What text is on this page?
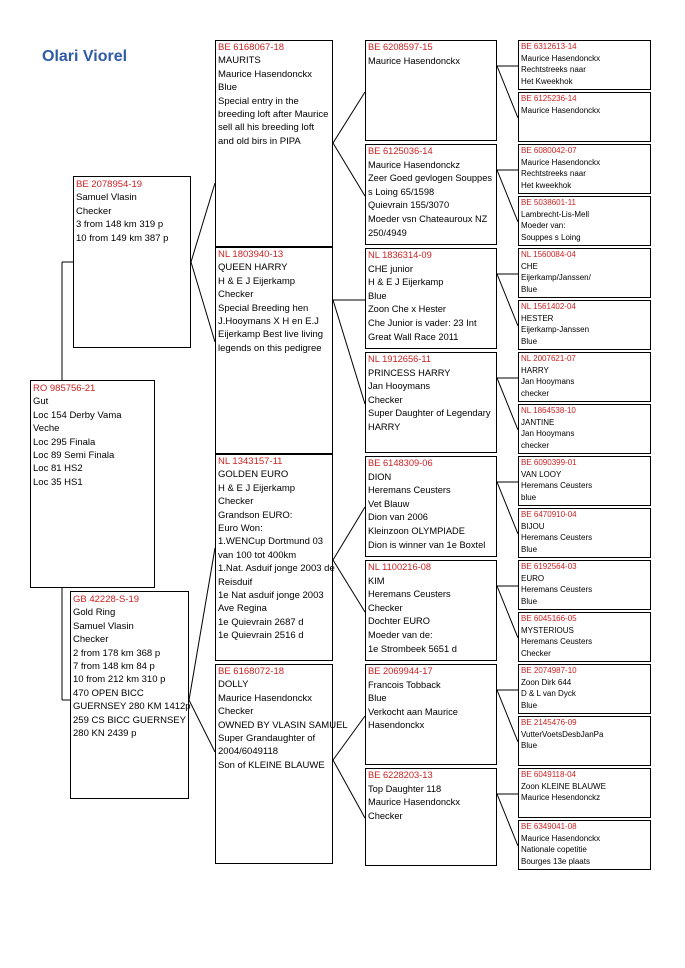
Olari Viorel
RO 985756-21
Gut
Loc 154 Derby Vama
Veche
Loc 295 Finala
Loc 89 Semi Finala
Loc 81 HS2
Loc 35 HS1
BE 2078954-19
Samuel Vlasin
Checker
3 from 148 km 319 p
10 from 149 km 387 p
GB 42228-S-19
Gold Ring
Samuel Vlasin
Checker
2 from 178 km 368 p
7 from 148 km 84 p
10 from 212 km 310 p
470 OPEN BICC
GUERNSEY 280 KM 1412p
259 CS BICC GUERNSEY
280 KN 2439 p
BE 6168067-18
MAURITS
Maurice Hasendonckx
Blue
Special entry in the
breeding loft after Maurice
sell all his breeding loft
and old birs in PIPA
NL 1803940-13
QUEEN HARRY
H & E J Eijerkamp
Checker
Special Breeding hen
J.Hooymans X H en E.J
Eijerkamp Best live living
legends on this pedigree
NL 1343157-11
GOLDEN EURO
H & E J Eijerkamp
Checker
Grandson EURO:
Euro Won:
1.WENCup Dortmund 03
van 100 tot 400km
1.Nat. Asduif jonge 2003 de
Reisduif
1e Nat asduif jonge 2003
Ave Regina
1e Quievrain 2687 d
1e Quievrain 2516 d
BE 6168072-18
DOLLY
Maurice Hasendonckx
Checker
OWNED BY VLASIN SAMUEL
Super Grandaughter of
2004/6049118
Son of KLEINE BLAUWE
BE 6208597-15
Maurice Hasendonckx
BE 6125036-14
Maurice Hasendonckz
Zeer Goed gevlogen Souppes
s Loing 65/1598
Quievrain 155/3070
Moeder vsn Chateauroux NZ
250/4949
NL 1836314-09
CHE junior
H & E J Eijerkamp
Blue
Zoon Che x Hester
Che Junior is vader: 23 Int
Great Wall Race 2011
NL 1912656-11
PRINCESS HARRY
Jan Hooymans
Checker
Super Daughter of Legendary
HARRY
BE 6148309-06
DION
Heremans Ceusters
Vet Blauw
Dion van 2006
Kleinzoon OLYMPIADE
Dion is winner van 1e Boxtel
NL 1100216-08
KIM
Heremans Ceusters
Checker
Dochter EURO
Moeder van de:
1e Strombeek 5651 d
BE 2069944-17
Francois Tobback
Blue
Verkocht aan Maurice
Hasendonckx
BE 6228203-13
Top Daughter 118
Maurice Hasendonckx
Checker
BE 6312613-14
Maurice Hasendonckx
Rechtstreeks naar
Het Kweekhok
BE 6125236-14
Maurice Hasendonckx
BE 6080042-07
Maurice Hasendonckx
Rechtstreeks naar
Het kweekhok
BE 5038601-11
Lambrecht-Lis-Mell
Moeder van:
Souppes s Loing
NL 1560084-04
CHE
Eijerkamp/Janssen/
Blue
NL 1561402-04
HESTER
Eijerkamp-Janssen
Blue
NL 2007621-07
HARRY
Jan Hooymans
checker
NL 1864538-10
JANTINE
Jan Hooymans
checker
BE 6090399-01
VAN LOOY
Heremans Ceusters
blue
BE 6470910-04
BIJOU
Heremans Ceusters
Blue
BE 6192564-03
EURO
Heremans Ceusters
Blue
BE 6045166-05
MYSTERIOUS
Heremans Ceusters
Checker
BE 2074987-10
Zoon Dirk 644
D & L van Dyck
Blue
BE 2145476-09
VutterVoetsDesbJanPa
Blue
BE 6049118-04
Zoon KLEINE BLAUWE
Maurice Hesendonckz
BE 6349041-08
Maurice Hasendonckx
Nationale copetitie
Bourges 13e plaats
